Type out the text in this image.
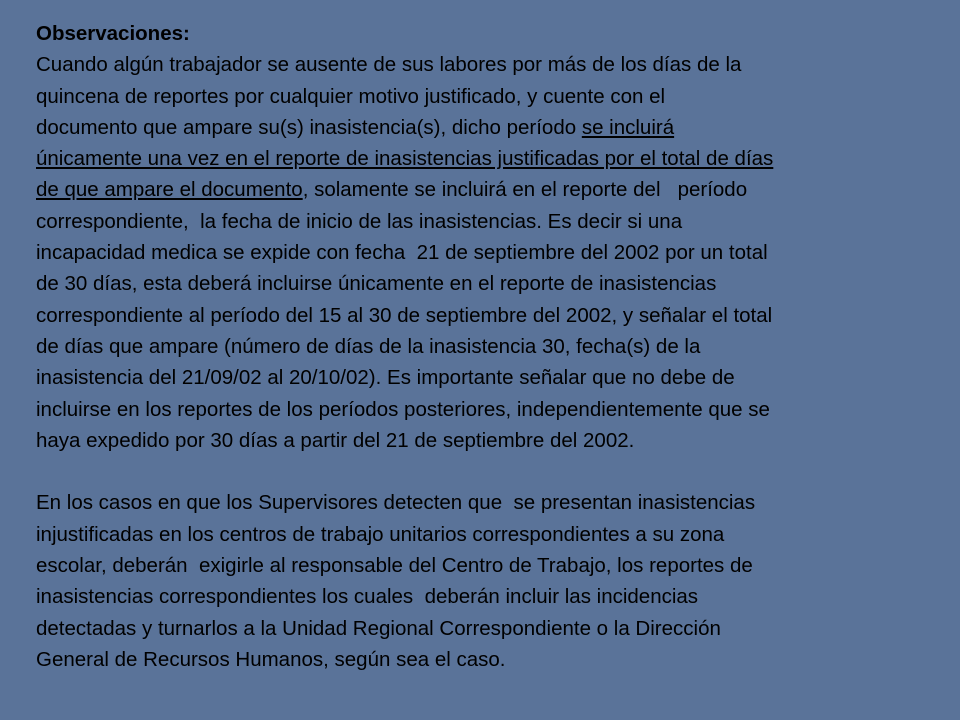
Observaciones:
Cuando algún trabajador se ausente de sus labores por más de los días de la
quincena de reportes por cualquier motivo justificado, y cuente con el
documento que ampare su(s) inasistencia(s), dicho período se incluirá
únicamente una vez en el reporte de inasistencias justificadas por el total de días
de que ampare el documento, solamente se incluirá en el reporte del   período
correspondiente,  la fecha de inicio de las inasistencias. Es decir si una
incapacidad medica se expide con fecha  21 de septiembre del 2002 por un total
de 30 días, esta deberá incluirse únicamente en el reporte de inasistencias
correspondiente al período del 15 al 30 de septiembre del 2002, y señalar el total
de días que ampare (número de días de la inasistencia 30, fecha(s) de la
inasistencia del 21/09/02 al 20/10/02). Es importante señalar que no debe de
incluirse en los reportes de los períodos posteriores, independientemente que se
haya expedido por 30 días a partir del 21 de septiembre del 2002.
En los casos en que los Supervisores detecten que  se presentan inasistencias
injustificadas en los centros de trabajo unitarios correspondientes a su zona
escolar, deberán  exigirle al responsable del Centro de Trabajo, los reportes de
inasistencias correspondientes los cuales  deberán incluir las incidencias
detectadas y turnarlos a la Unidad Regional Correspondiente o la Dirección
General de Recursos Humanos, según sea el caso.
